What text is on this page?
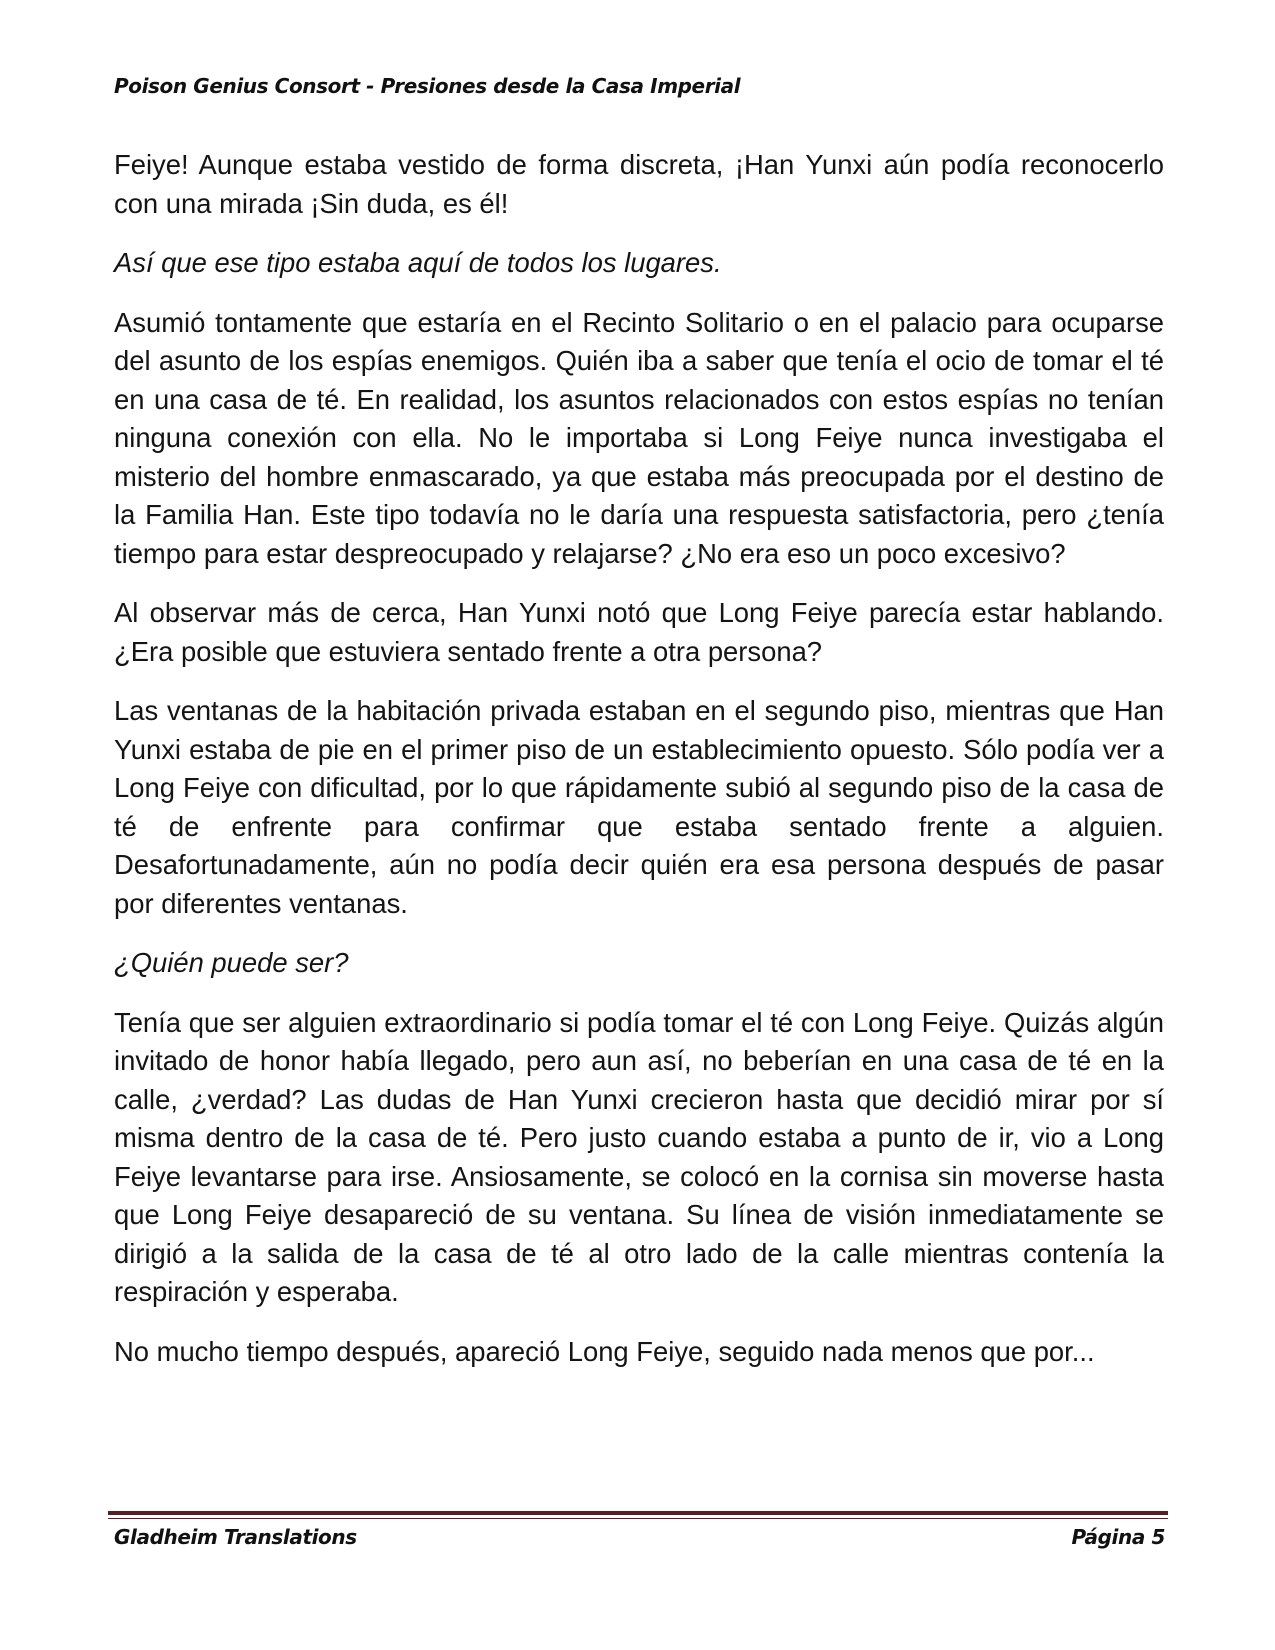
Poison Genius Consort - Presiones desde la Casa Imperial

Feiye! Aunque estaba vestido de forma discreta, ¡Han Yunxi aún podía reconocerlo con una mirada ¡Sin duda, es él!

Así que ese tipo estaba aquí de todos los lugares.

Asumió tontamente que estaría en el Recinto Solitario o en el palacio para ocuparse del asunto de los espías enemigos. Quién iba a saber que tenía el ocio de tomar el té en una casa de té. En realidad, los asuntos relacionados con estos espías no tenían ninguna conexión con ella. No le importaba si Long Feiye nunca investigaba el misterio del hombre enmascarado, ya que estaba más preocupada por el destino de la Familia Han. Este tipo todavía no le daría una respuesta satisfactoria, pero ¿tenía tiempo para estar despreocupado y relajarse? ¿No era eso un poco excesivo?

Al observar más de cerca, Han Yunxi notó que Long Feiye parecía estar hablando. ¿Era posible que estuviera sentado frente a otra persona?

Las ventanas de la habitación privada estaban en el segundo piso, mientras que Han Yunxi estaba de pie en el primer piso de un establecimiento opuesto. Sólo podía ver a Long Feiye con dificultad, por lo que rápidamente subió al segundo piso de la casa de té de enfrente para confirmar que estaba sentado frente a alguien. Desafortunadamente, aún no podía decir quién era esa persona después de pasar por diferentes ventanas.

¿Quién puede ser?

Tenía que ser alguien extraordinario si podía tomar el té con Long Feiye. Quizás algún invitado de honor había llegado, pero aun así, no beberían en una casa de té en la calle, ¿verdad? Las dudas de Han Yunxi crecieron hasta que decidió mirar por sí misma dentro de la casa de té. Pero justo cuando estaba a punto de ir, vio a Long Feiye levantarse para irse. Ansiosamente, se colocó en la cornisa sin moverse hasta que Long Feiye desapareció de su ventana. Su línea de visión inmediatamente se dirigió a la salida de la casa de té al otro lado de la calle mientras contenía la respiración y esperaba.

No mucho tiempo después, apareció Long Feiye, seguido nada menos que por...

Gladheim Translations	Página 5
